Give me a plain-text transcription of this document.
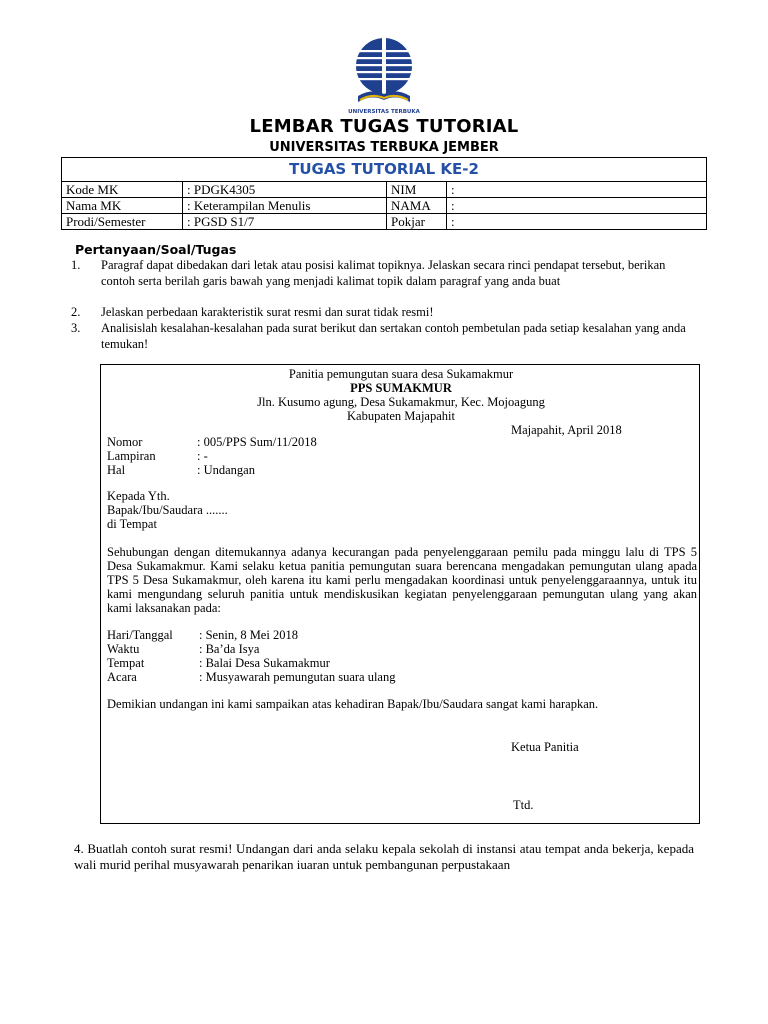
UNIVERSITAS TERBUKA
LEMBAR TUGAS TUTORIAL
UNIVERSITAS TERBUKA JEMBER
TUGAS TUTORIAL KE-2			
Kode MK	: PDGK4305	NIM	:
Nama MK	: Keterampilan Menulis	NAMA	:
Prodi/Semester	: PGSD S1/7	Pokjar	:
Pertanyaan/Soal/Tugas
1.	Paragraf dapat dibedakan dari letak atau posisi kalimat topiknya. Jelaskan secara rinci pendapat tersebut, berikan contoh serta berilah garis bawah yang menjadi kalimat topik dalam paragraf yang anda buat
2.	Jelaskan perbedaan karakteristik surat resmi dan surat tidak resmi!
3.	Analisislah kesalahan-kesalahan pada surat berikut dan sertakan contoh pembetulan pada setiap kesalahan yang anda temukan!
Panitia pemungutan suara desa Sukamakmur
PPS SUMAKMUR
Jln. Kusumo agung, Desa Sukamakmur, Kec. Mojoagung
Kabupaten Majapahit
Majapahit, April 2018
Nomor	: 005/PPS Sum/11/2018
Lampiran	: -
Hal	: Undangan
Kepada Yth.
Bapak/Ibu/Saudara .......
di Tempat
Sehubungan dengan ditemukannya adanya kecurangan pada penyelenggaraan pemilu pada minggu lalu di TPS 5 Desa Sukamakmur. Kami selaku ketua panitia pemungutan suara berencana mengadakan pemungutan ulang apada TPS 5 Desa Sukamakmur, oleh karena itu kami perlu mengadakan koordinasi untuk penyelenggaraannya, untuk itu kami mengundang seluruh panitia untuk mendiskusikan kegiatan penyelenggaraan pemungutan ulang yang akan kami laksanakan pada:
Hari/Tanggal : Senin, 8 Mei 2018
Waktu	: Ba’da Isya
Tempat	: Balai Desa Sukamakmur
Acara	: Musyawarah pemungutan suara ulang
Demikian undangan ini kami sampaikan atas kehadiran Bapak/Ibu/Saudara sangat kami harapkan.
Ketua Panitia
Ttd.
4. Buatlah contoh surat resmi! Undangan dari anda selaku kepala sekolah di instansi atau tempat anda bekerja, kepada wali murid perihal musyawarah penarikan iuaran untuk pembangunan perpustakaan
